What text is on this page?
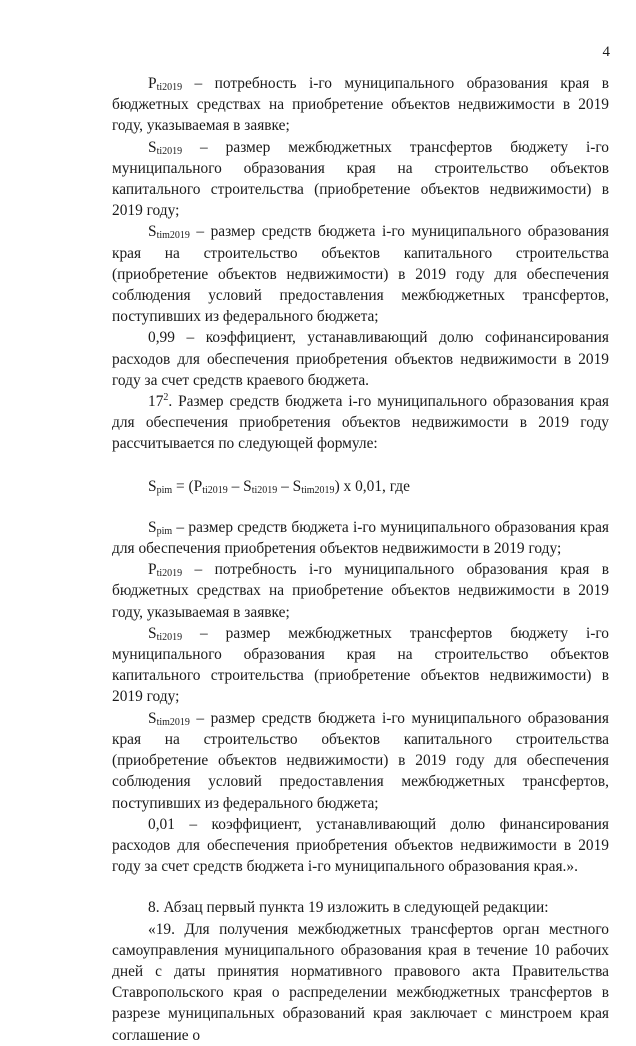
4

$P_{ti2019}$ – потребность i-го муниципального образования края в бюджетных средствах на приобретение объектов недвижимости в 2019 году, указываемая в заявке;

$S_{ti2019}$ – размер межбюджетных трансфертов бюджету i-го муниципального образования края на строительство объектов капитального строительства (приобретение объектов недвижимости) в 2019 году;

$S_{tim2019}$ – размер средств бюджета i-го муниципального образования края на строительство объектов капитального строительства (приобретение объектов недвижимости) в 2019 году для обеспечения соблюдения условий предоставления межбюджетных трансфертов, поступивших из федерального бюджета;

0,99 – коэффициент, устанавливающий долю софинансирования расходов для обеспечения приобретения объектов недвижимости в 2019 году за счет средств краевого бюджета.

$17^2$. Размер средств бюджета i-го муниципального образования края для обеспечения приобретения объектов недвижимости в 2019 году рассчитывается по следующей формуле:

$S_{pim} = (P_{ti2019} - S_{ti2019} - S_{tim2019})$ x 0,01, где

$S_{pim}$ – размер средств бюджета i-го муниципального образования края для обеспечения приобретения объектов недвижимости в 2019 году;

$P_{ti2019}$ – потребность i-го муниципального образования края в бюджетных средствах на приобретение объектов недвижимости в 2019 году, указываемая в заявке;

$S_{ti2019}$ – размер межбюджетных трансфертов бюджету i-го муниципального образования края на строительство объектов капитального строительства (приобретение объектов недвижимости) в 2019 году;

$S_{tim2019}$ – размер средств бюджета i-го муниципального образования края на строительство объектов капитального строительства (приобретение объектов недвижимости) в 2019 году для обеспечения соблюдения условий предоставления межбюджетных трансфертов, поступивших из федерального бюджета;

0,01 – коэффициент, устанавливающий долю финансирования расходов для обеспечения приобретения объектов недвижимости в 2019 году за счет средств бюджета i-го муниципального образования края.».

8. Абзац первый пункта 19 изложить в следующей редакции:

«19. Для получения межбюджетных трансфертов орган местного самоуправления муниципального образования края в течение 10 рабочих дней с даты принятия нормативного правового акта Правительства Ставропольского края о распределении межбюджетных трансфертов в разрезе муниципальных образований края заключает с минстроем края соглашение о
